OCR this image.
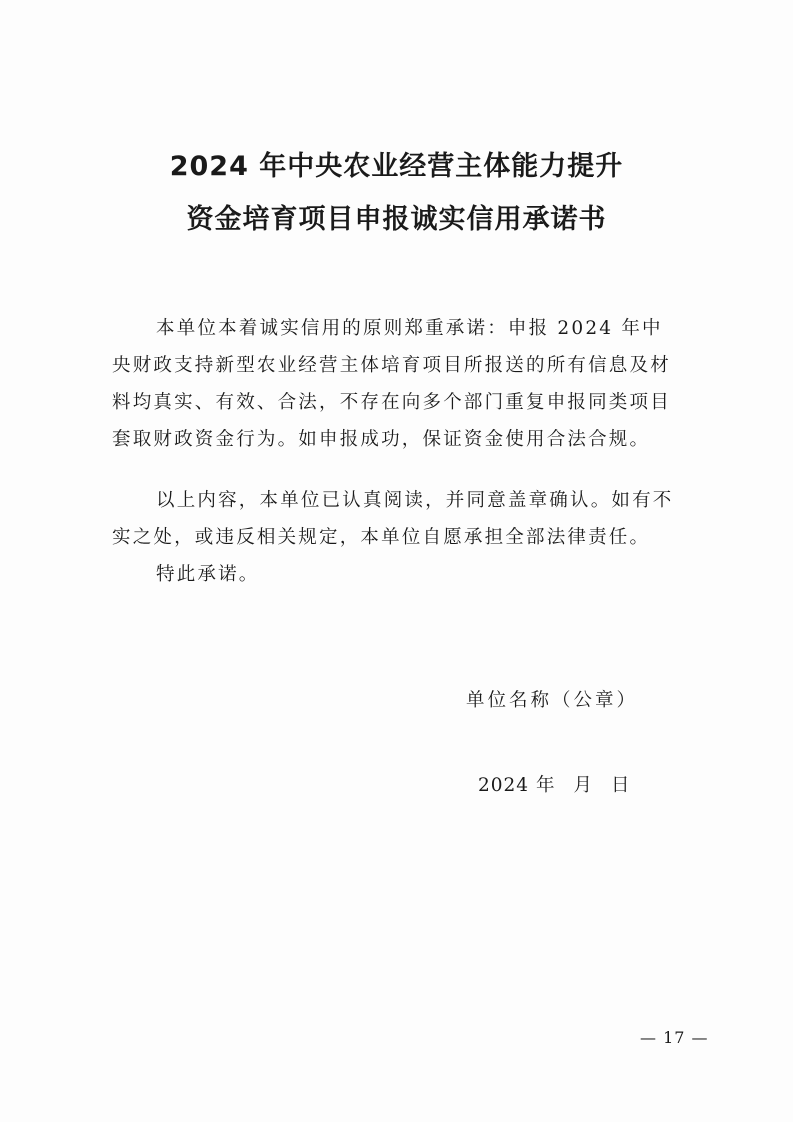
2024 年中央农业经营主体能力提升
资金培育项目申报诚实信用承诺书

本单位本着诚实信用的原则郑重承诺：申报 2024 年中央财政支持新型农业经营主体培育项目所报送的所有信息及材料均真实、有效、合法，不存在向多个部门重复申报同类项目套取财政资金行为。如申报成功，保证资金使用合法合规。

以上内容，本单位已认真阅读，并同意盖章确认。如有不实之处，或违反相关规定，本单位自愿承担全部法律责任。

特此承诺。

单位名称（公章）

2024 年 月 日

— 17 —
